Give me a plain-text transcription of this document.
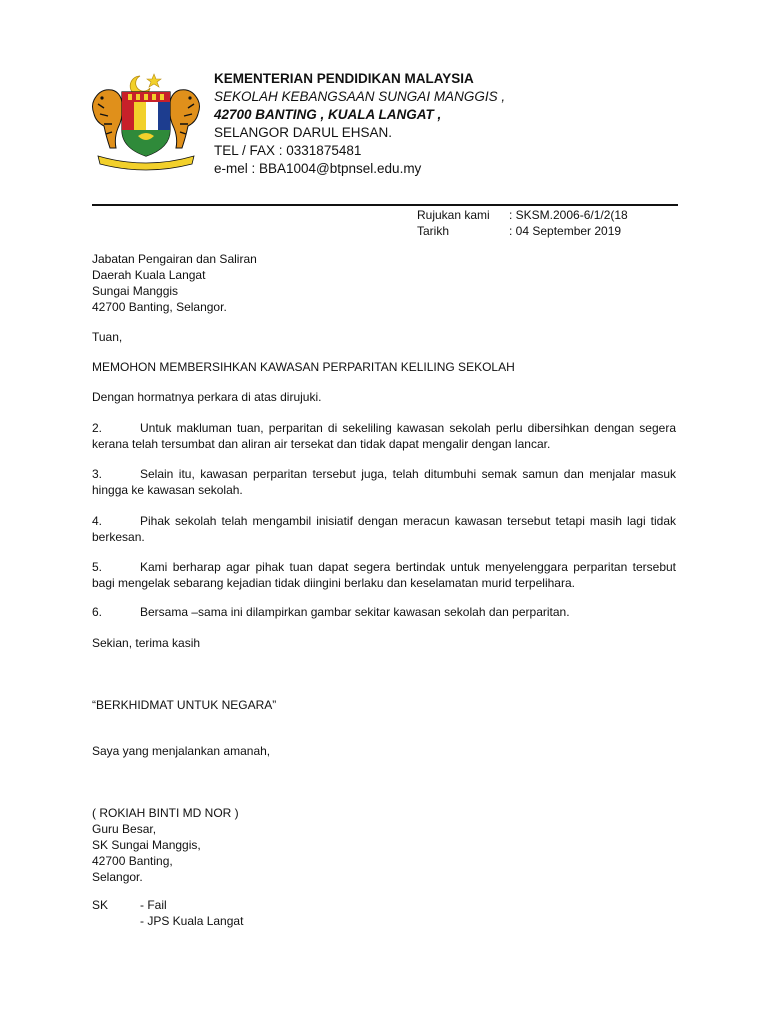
KEMENTERIAN PENDIDIKAN MALAYSIA
SEKOLAH KEBANGSAAN SUNGAI MANGGIS ,
42700 BANTING , KUALA LANGAT ,
SELANGOR DARUL EHSAN.
TEL / FAX : 0331875481
e-mel : BBA1004@btpnsel.edu.my
Rujukan kami	: SKSM.2006-6/1/2(18
Tarikh	: 04 September 2019
Jabatan Pengairan dan Saliran
Daerah Kuala Langat
Sungai Manggis
42700 Banting, Selangor.
Tuan,
MEMOHON MEMBERSIHKAN KAWASAN PERPARITAN KELILING SEKOLAH
Dengan hormatnya perkara di atas dirujuki.
2.	Untuk makluman tuan, perparitan di sekeliling kawasan sekolah perlu dibersihkan dengan segera kerana telah tersumbat dan aliran air tersekat dan tidak dapat mengalir dengan lancar.
3.	Selain itu, kawasan perparitan tersebut juga, telah ditumbuhi semak samun dan menjalar masuk hingga ke kawasan sekolah.
4.	Pihak sekolah telah mengambil inisiatif dengan meracun kawasan tersebut tetapi masih lagi tidak berkesan.
5.	Kami berharap agar pihak tuan dapat segera bertindak untuk menyelenggara perparitan tersebut bagi mengelak sebarang kejadian tidak diingini berlaku dan keselamatan murid terpelihara.
6.	Bersama –sama ini dilampirkan gambar sekitar kawasan sekolah dan perparitan.
Sekian, terima kasih
“BERKHIDMAT UNTUK NEGARA”
Saya yang menjalankan amanah,
( ROKIAH BINTI MD NOR )
Guru Besar,
SK Sungai Manggis,
42700 Banting,
Selangor.
SK	- Fail
- JPS Kuala Langat
